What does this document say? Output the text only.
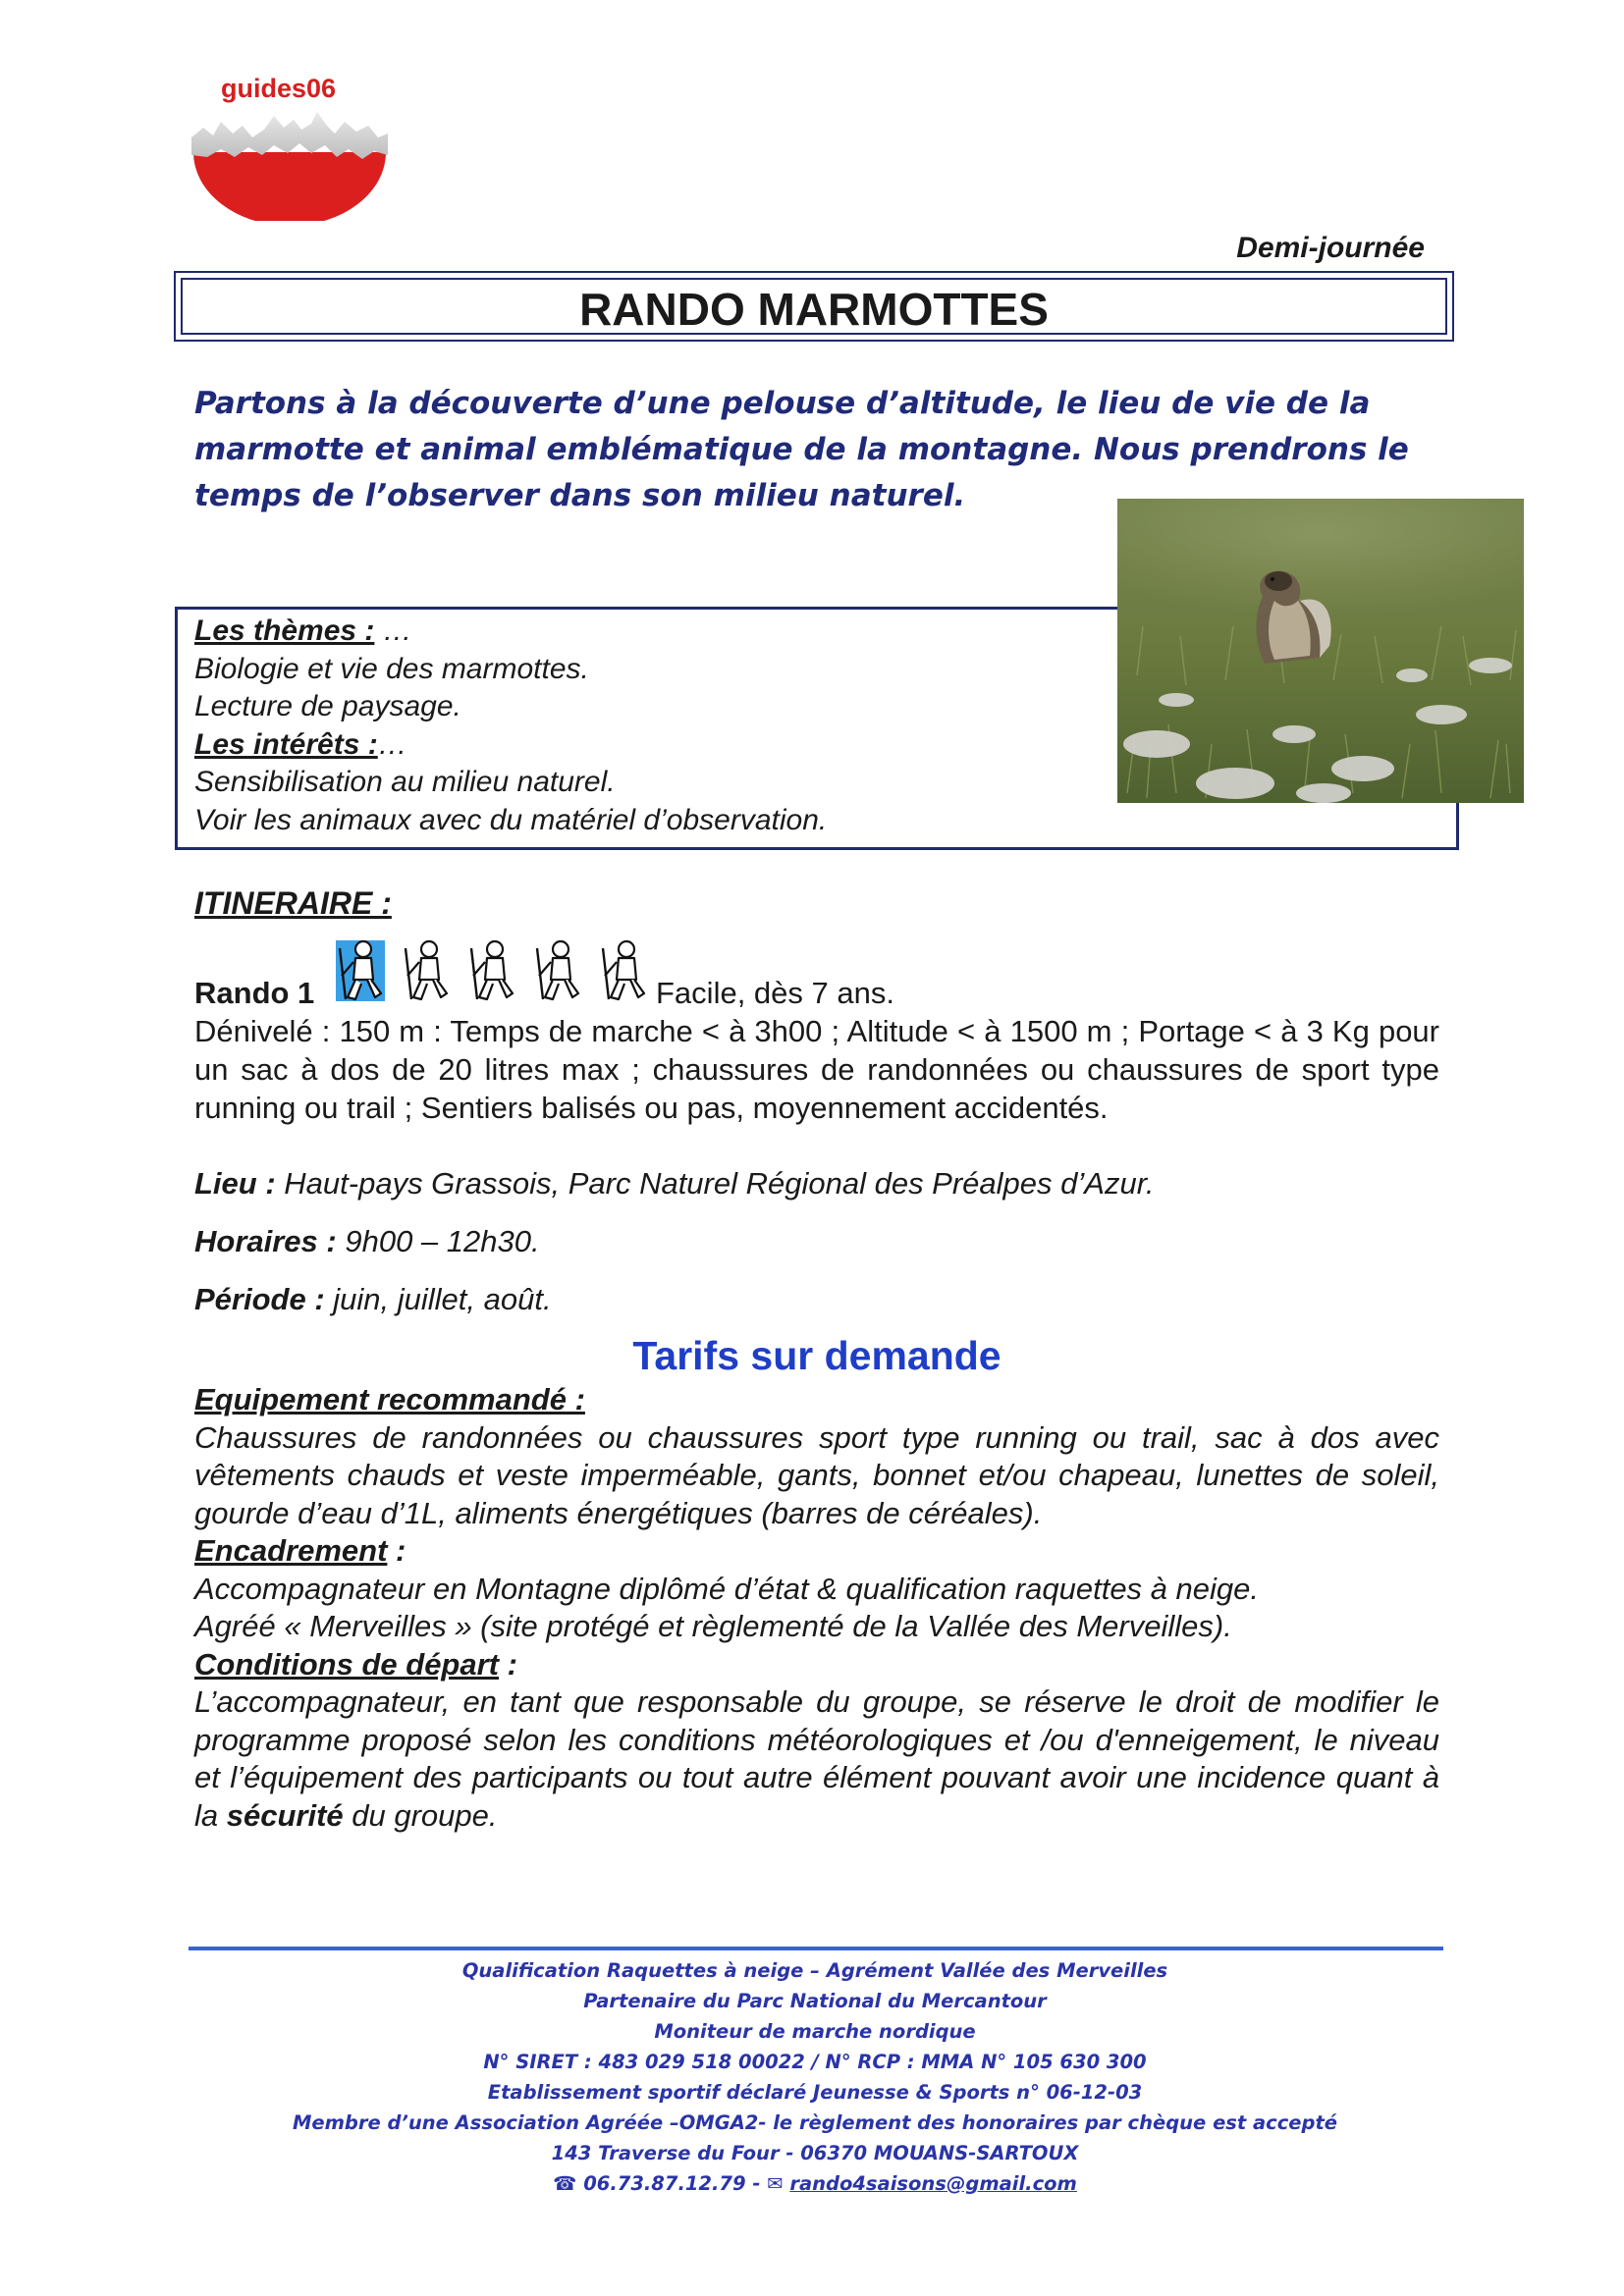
guides06
Demi-journée
RANDO MARMOTTES
Partons à la découverte d’une pelouse d’altitude, le lieu de vie de la marmotte et animal emblématique de la montagne. Nous prendrons le temps de l’observer dans son milieu naturel.
Les thèmes : …
Biologie et vie des marmottes.
Lecture de paysage.
Les intérêts :…
Sensibilisation au milieu naturel.
Voir les animaux avec du matériel d’observation.
ITINERAIRE :
Rando 1	Facile, dès 7 ans.
Dénivelé : 150 m : Temps de marche < à 3h00 ; Altitude < à 1500 m ; Portage < à 3 Kg pour un sac à dos de 20 litres max ; chaussures de randonnées ou chaussures de sport type running ou trail ; Sentiers balisés ou pas, moyennement accidentés.
Lieu : Haut-pays Grassois, Parc Naturel Régional des Préalpes d’Azur.
Horaires : 9h00 – 12h30.
Période : juin, juillet, août.
Tarifs sur demande
Equipement recommandé :
Chaussures de randonnées ou chaussures sport type running ou trail, sac à dos avec vêtements chauds et veste imperméable, gants, bonnet et/ou chapeau, lunettes de soleil, gourde d’eau d’1L, aliments énergétiques (barres de céréales).
Encadrement :
Accompagnateur en Montagne diplômé d’état & qualification raquettes à neige.
Agréé « Merveilles » (site protégé et règlementé de la Vallée des Merveilles).
Conditions de départ :
L’accompagnateur, en tant que responsable du groupe, se réserve le droit de modifier le programme proposé selon les conditions météorologiques et /ou d'enneigement, le niveau et l’équipement des participants ou tout autre élément pouvant avoir une incidence quant à la sécurité du groupe.
Qualification Raquettes à neige – Agrément Vallée des Merveilles
Partenaire du Parc National du Mercantour
Moniteur de marche nordique
N° SIRET : 483 029 518 00022 / N° RCP : MMA N° 105 630 300
Etablissement sportif déclaré Jeunesse & Sports n° 06-12-03
Membre d’une Association Agréée –OMGA2- le règlement des honoraires par chèque est accepté
143 Traverse du Four - 06370 MOUANS-SARTOUX
☎ 06.73.87.12.79 - ✉ rando4saisons@gmail.com
